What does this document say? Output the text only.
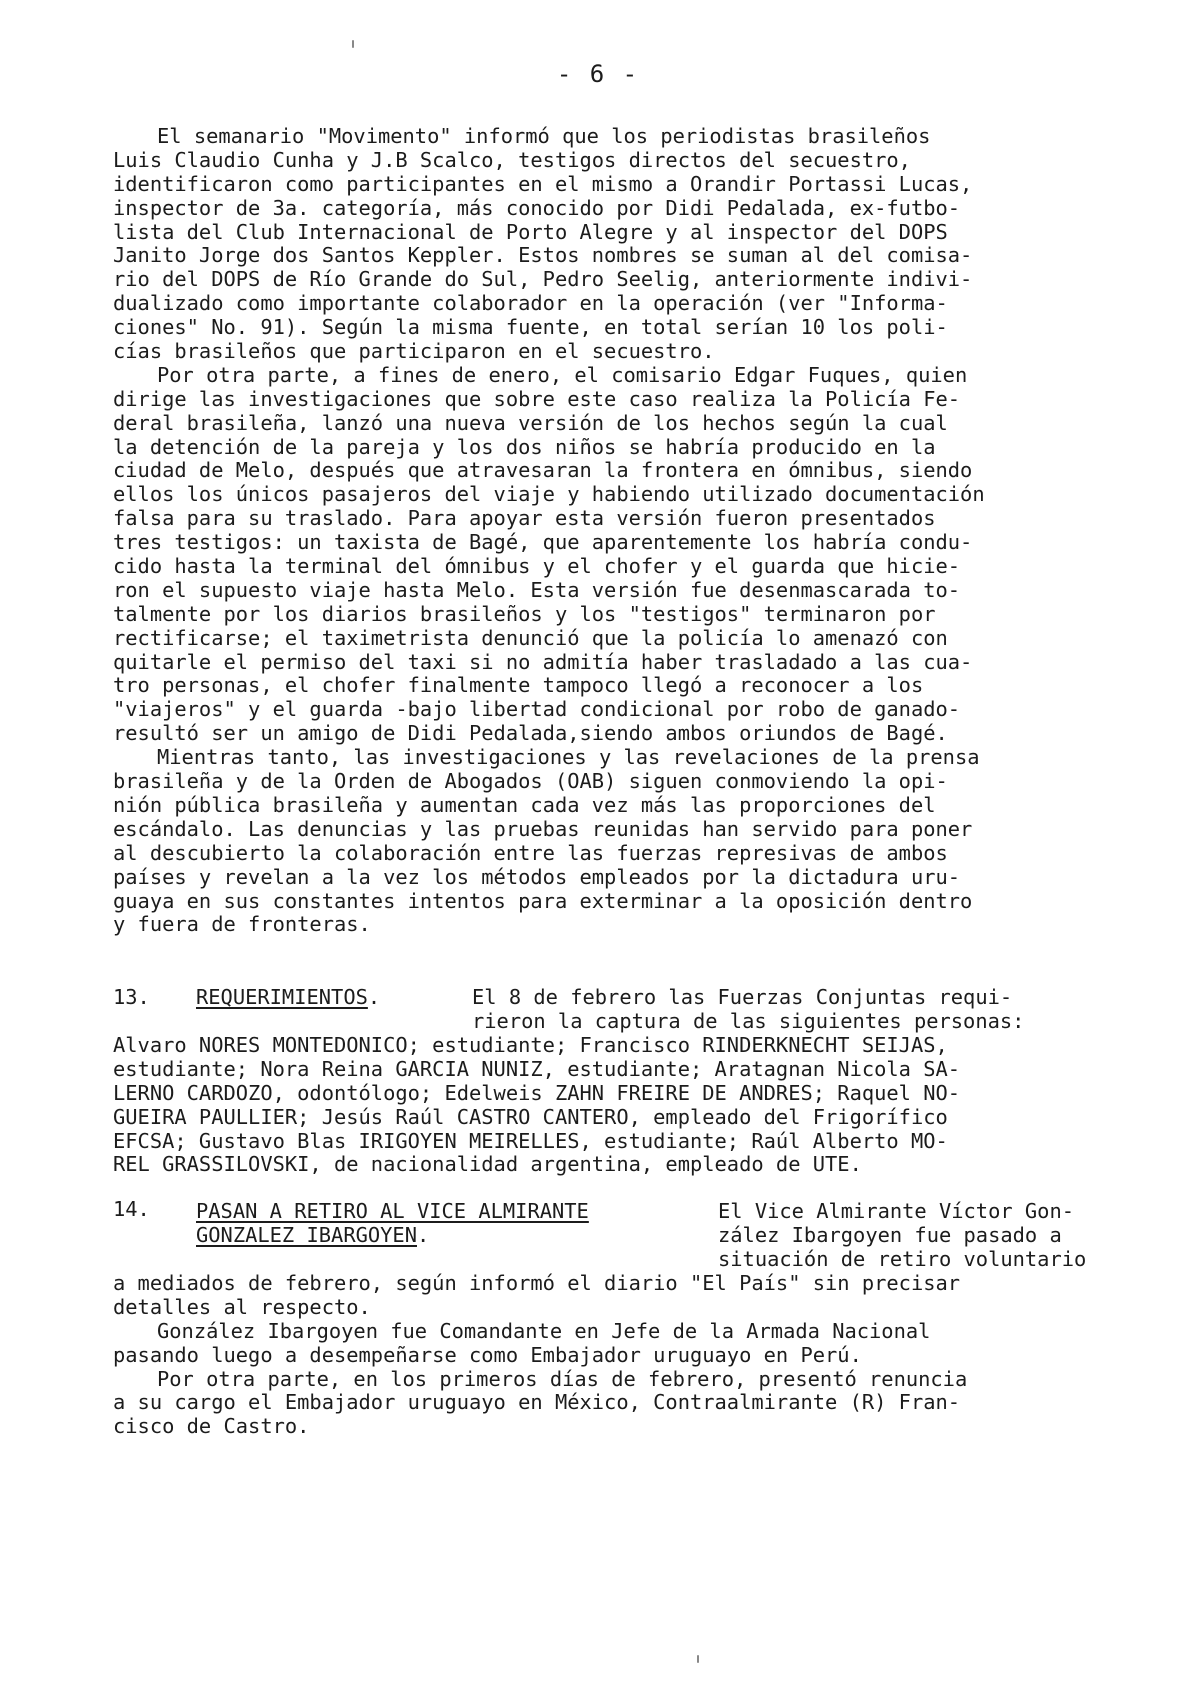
- 6 -
El semanario "Movimento" informó que los periodistas brasileños
Luis Claudio Cunha y J.B Scalco, testigos directos del secuestro,
identificaron como participantes en el mismo a Orandir Portassi Lucas,
inspector de 3a. categoría, más conocido por Didi Pedalada, ex-futbo-
lista del Club Internacional de Porto Alegre y al inspector del DOPS
Janito Jorge dos Santos Keppler. Estos nombres se suman al del comisa-
rio del DOPS de Río Grande do Sul, Pedro Seelig, anteriormente indivi-
dualizado como importante colaborador en la operación (ver "Informa-
ciones" No. 91). Según la misma fuente, en total serían 10 los poli-
cías brasileños que participaron en el secuestro.
Por otra parte, a fines de enero, el comisario Edgar Fuques, quien
dirige las investigaciones que sobre este caso realiza la Policía Fe-
deral brasileña, lanzó una nueva versión de los hechos según la cual
la detención de la pareja y los dos niños se habría producido en la
ciudad de Melo, después que atravesaran la frontera en ómnibus, siendo
ellos los únicos pasajeros del viaje y habiendo utilizado documentación
falsa para su traslado. Para apoyar esta versión fueron presentados
tres testigos: un taxista de Bagé, que aparentemente los habría condu-
cido hasta la terminal del ómnibus y el chofer y el guarda que hicie-
ron el supuesto viaje hasta Melo. Esta versión fue desenmascarada to-
talmente por los diarios brasileños y los "testigos" terminaron por
rectificarse; el taximetrista denunció que la policía lo amenazó con
quitarle el permiso del taxi si no admitía haber trasladado a las cua-
tro personas, el chofer finalmente tampoco llegó a reconocer a los
"viajeros" y el guarda -bajo libertad condicional por robo de ganado-
resultó ser un amigo de Didi Pedalada,siendo ambos oriundos de Bagé.
Mientras tanto, las investigaciones y las revelaciones de la prensa
brasileña y de la Orden de Abogados (OAB) siguen conmoviendo la opi-
nión pública brasileña y aumentan cada vez más las proporciones del
escándalo. Las denuncias y las pruebas reunidas han servido para poner
al descubierto la colaboración entre las fuerzas represivas de ambos
países y revelan a la vez los métodos empleados por la dictadura uru-
guaya en sus constantes intentos para exterminar a la oposición dentro
y fuera de fronteras.
13. REQUERIMIENTOS.	El 8 de febrero las Fuerzas Conjuntas requi-
rieron la captura de las siguientes personas:
Alvaro NORES MONTEDONICO; estudiante; Francisco RINDERKNECHT SEIJAS,
estudiante; Nora Reina GARCIA NUNIZ, estudiante; Aratagnan Nicola SA-
LERNO CARDOZO, odontólogo; Edelweis ZAHN FREIRE DE ANDRES; Raquel NO-
GUEIRA PAULLIER; Jesús Raúl CASTRO CANTERO, empleado del Frigorífico
EFCSA; Gustavo Blas IRIGOYEN MEIRELLES, estudiante; Raúl Alberto MO-
REL GRASSILOVSKI, de nacionalidad argentina, empleado de UTE.
14. PASAN A RETIRO AL VICE ALMIRANTE
GONZALEZ IBARGOYEN.
El Vice Almirante Víctor Gon-
zález Ibargoyen fue pasado a
situación de retiro voluntario
a mediados de febrero, según informó el diario "El País" sin precisar
detalles al respecto.
González Ibargoyen fue Comandante en Jefe de la Armada Nacional
pasando luego a desempeñarse como Embajador uruguayo en Perú.
Por otra parte, en los primeros días de febrero, presentó renuncia
a su cargo el Embajador uruguayo en México, Contraalmirante (R) Fran-
cisco de Castro.
